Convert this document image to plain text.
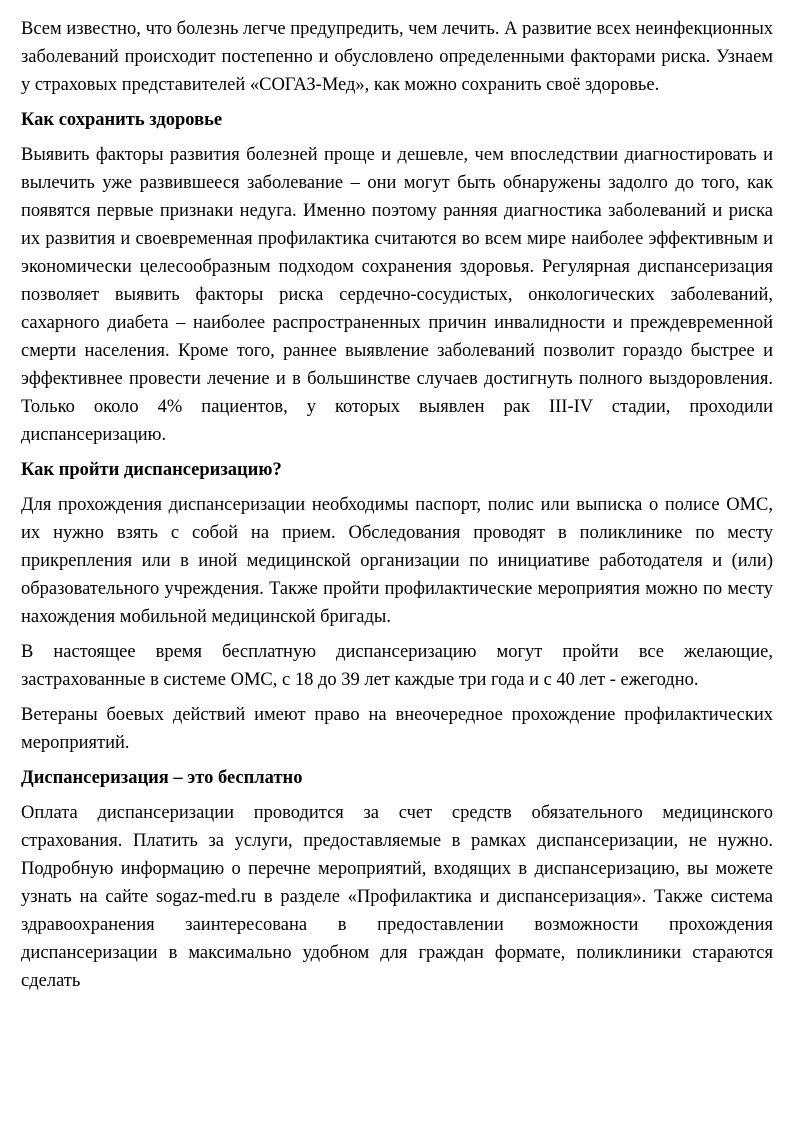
Всем известно, что болезнь легче предупредить, чем лечить. А развитие всех неинфекционных заболеваний происходит постепенно и обусловлено определенными факторами риска. Узнаем у страховых представителей «СОГАЗ-Мед», как можно сохранить своё здоровье.

Как сохранить здоровье

Выявить факторы развития болезней проще и дешевле, чем впоследствии диагностировать и вылечить уже развившееся заболевание – они могут быть обнаружены задолго до того, как появятся первые признаки недуга. Именно поэтому ранняя диагностика заболеваний и риска их развития и своевременная профилактика считаются во всем мире наиболее эффективным и экономически целесообразным подходом сохранения здоровья. Регулярная диспансеризация позволяет выявить факторы риска сердечно-сосудистых, онкологических заболеваний, сахарного диабета – наиболее распространенных причин инвалидности и преждевременной смерти населения. Кроме того, раннее выявление заболеваний позволит гораздо быстрее и эффективнее провести лечение и в большинстве случаев достигнуть полного выздоровления. Только около 4% пациентов, у которых выявлен рак III-IV стадии, проходили диспансеризацию.

Как пройти диспансеризацию?

Для прохождения диспансеризации необходимы паспорт, полис или выписка о полисе ОМС, их нужно взять с собой на прием. Обследования проводят в поликлинике по месту прикрепления или в иной медицинской организации по инициативе работодателя и (или) образовательного учреждения. Также пройти профилактические мероприятия можно по месту нахождения мобильной медицинской бригады.

В настоящее время бесплатную диспансеризацию могут пройти все желающие, застрахованные в системе ОМС, с 18 до 39 лет каждые три года и с 40 лет - ежегодно.

Ветераны боевых действий имеют право на внеочередное прохождение профилактических мероприятий.

Диспансеризация – это бесплатно

Оплата диспансеризации проводится за счет средств обязательного медицинского страхования. Платить за услуги, предоставляемые в рамках диспансеризации, не нужно. Подробную информацию о перечне мероприятий, входящих в диспансеризацию, вы можете узнать на сайте sogaz-med.ru в разделе «Профилактика и диспансеризация». Также система здравоохранения заинтересована в предоставлении возможности прохождения диспансеризации в максимально удобном для граждан формате, поликлиники стараются сделать
